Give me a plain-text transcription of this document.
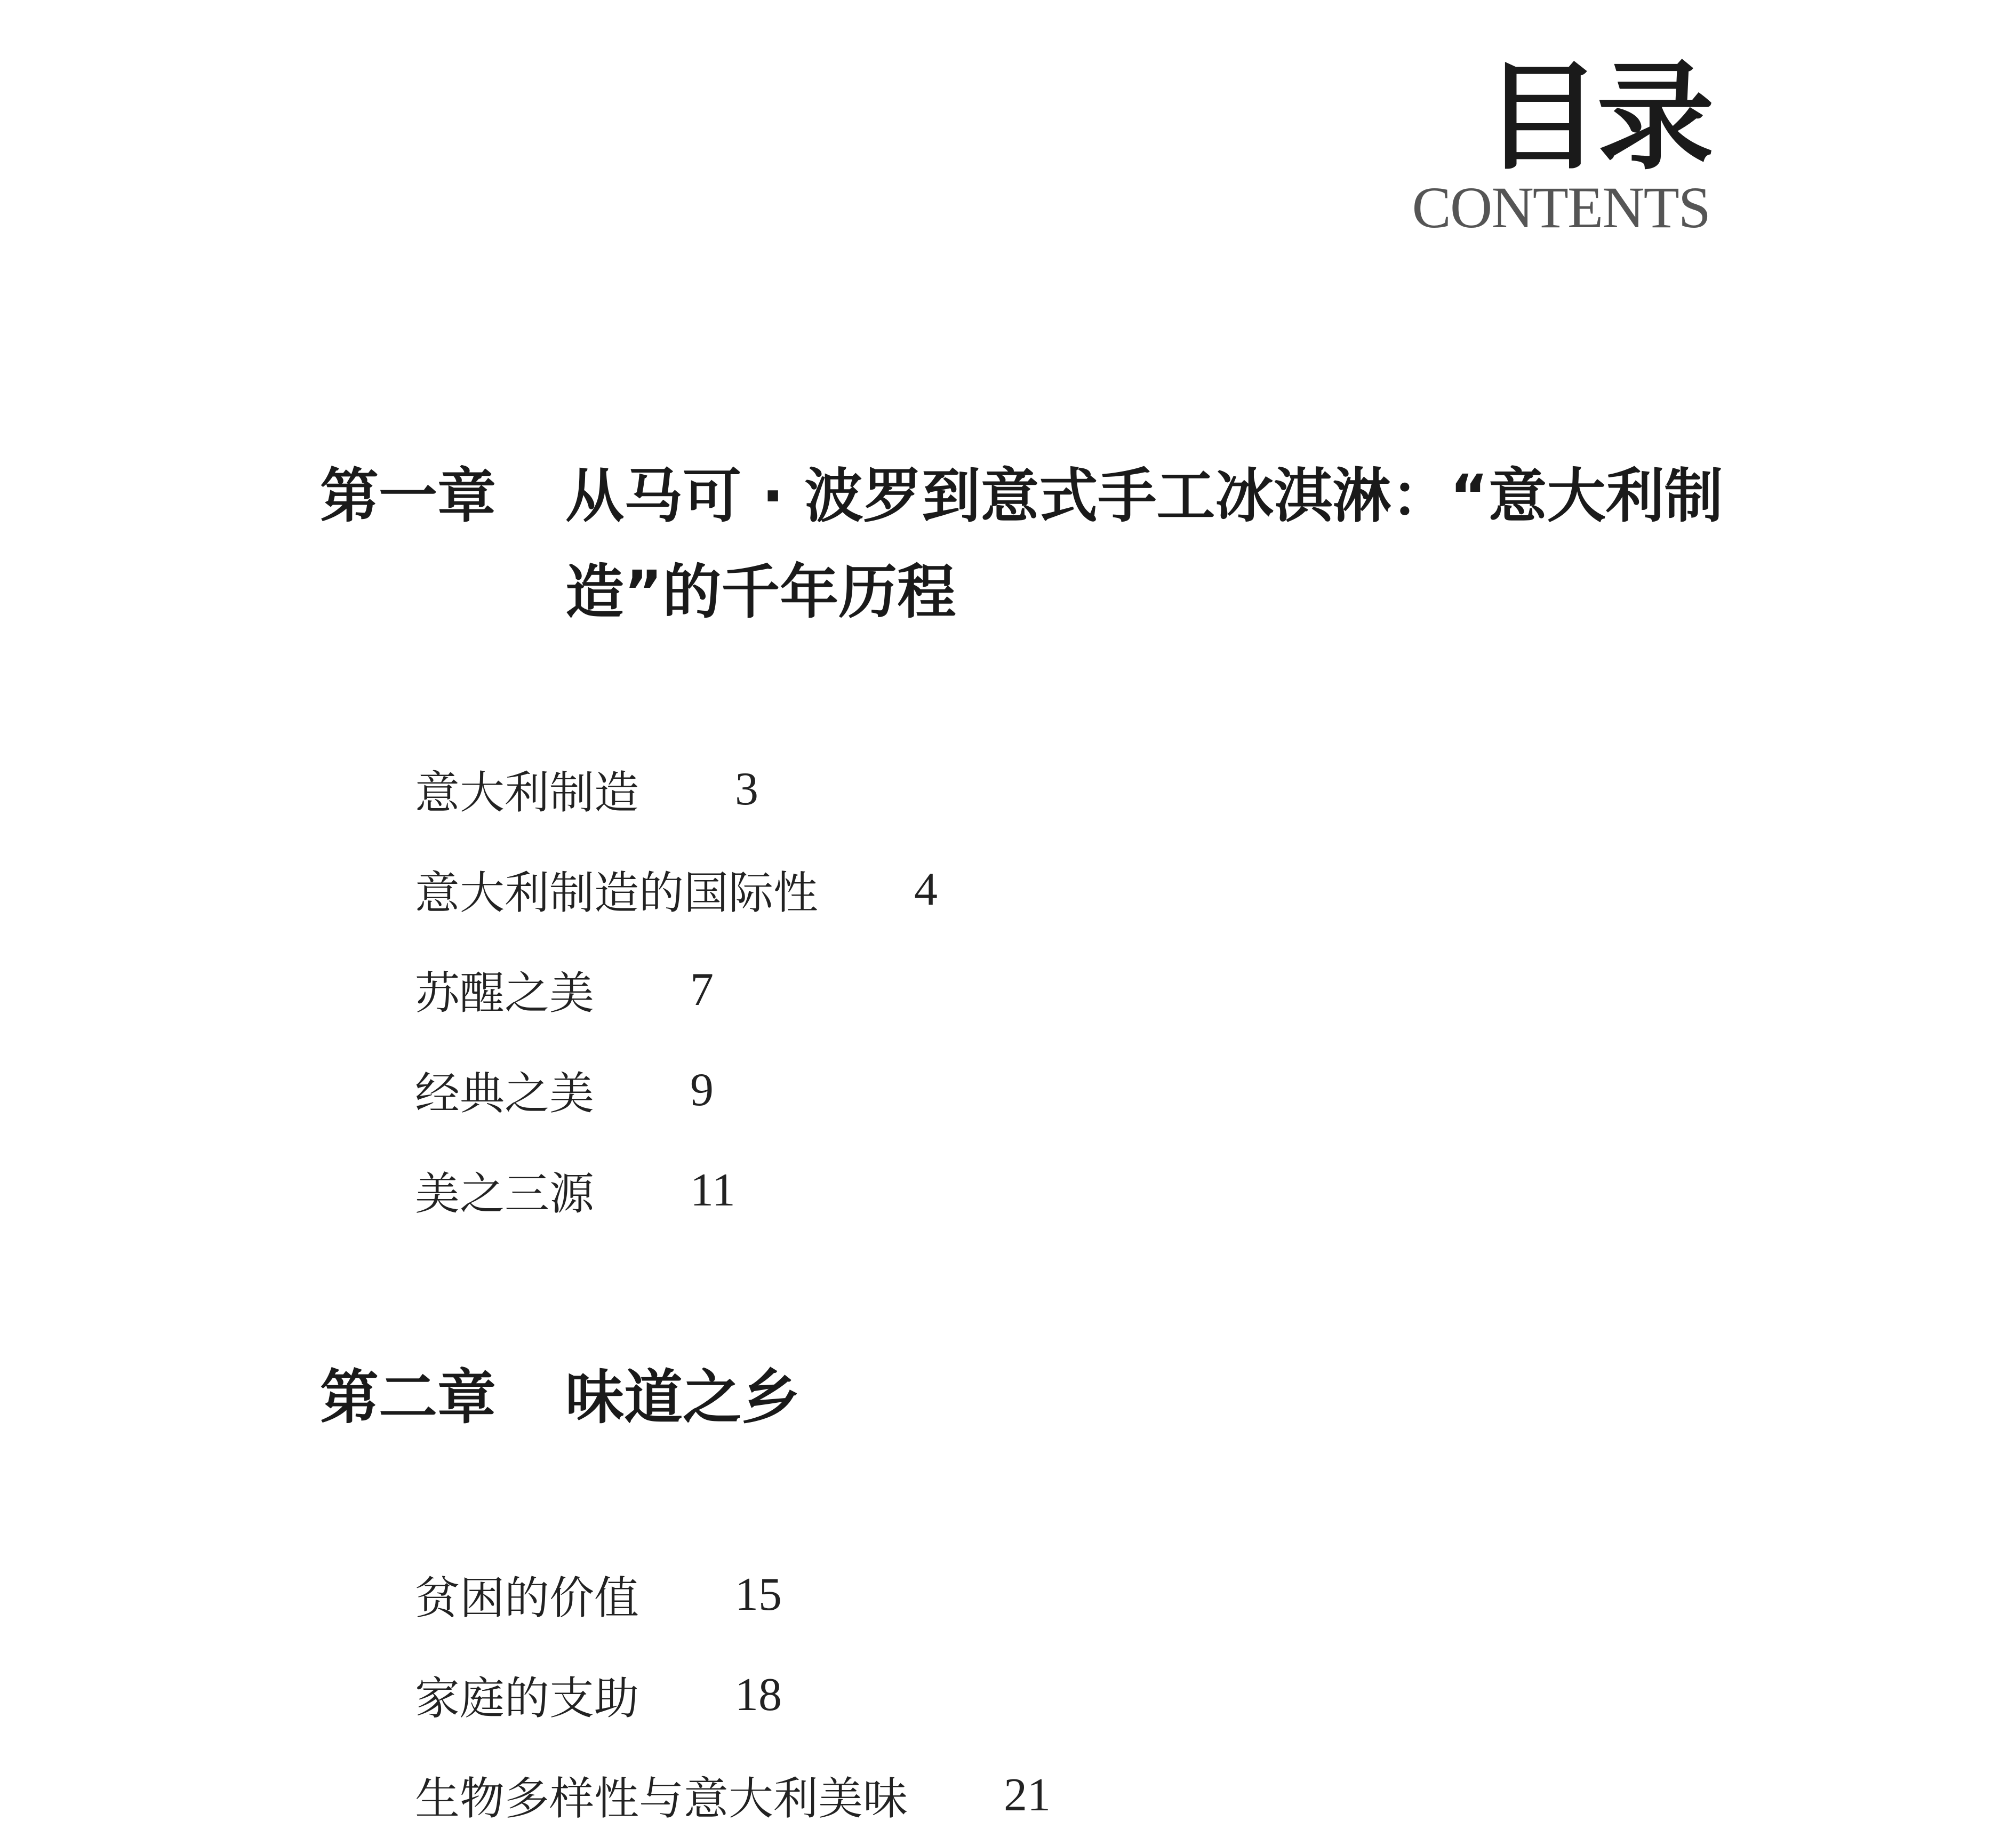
目录
CONTENTS
第一章 从马可 · 波罗到意式手工冰淇淋：“意大利制造”的千年历程
意大利制造 3
意大利制造的国际性 4
苏醒之美 7
经典之美 9
美之三源 11
第二章 味道之乡
贫困的价值 15
家庭的支助 18
生物多样性与意大利美味 21
